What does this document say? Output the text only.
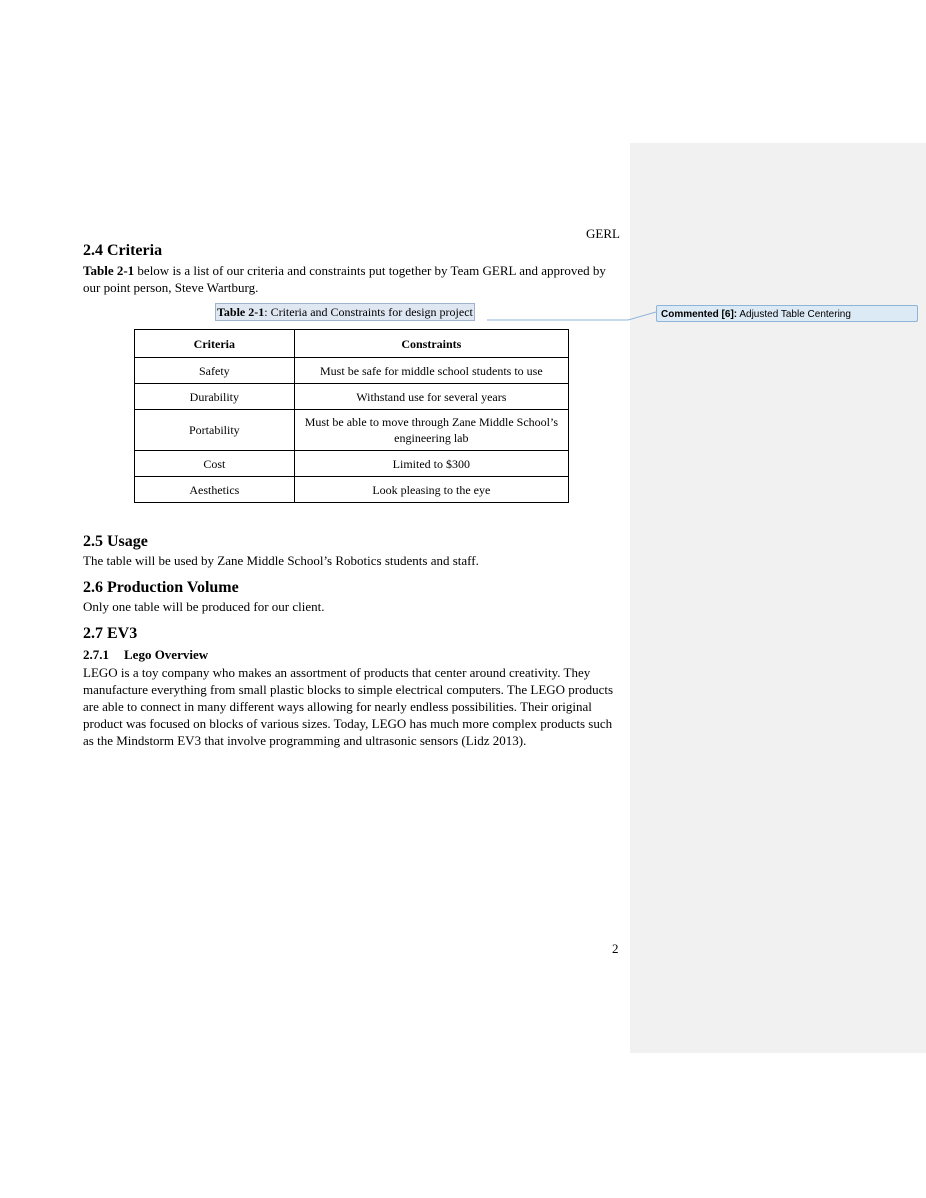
GERL
2.4 Criteria

Table 2-1 below is a list of our criteria and constraints put together by Team GERL and approved by our point person, Steve Wartburg.

Table 2-1: Criteria and Constraints for design project
Criteria	Constraints
Safety	Must be safe for middle school students to use
Durability	Withstand use for several years
Portability	Must be able to move through Zane Middle School’s engineering lab
Cost	Limited to $300
Aesthetics	Look pleasing to the eye
2.5 Usage

The table will be used by Zane Middle School’s Robotics students and staff.

2.6 Production Volume

Only one table will be produced for our client.

2.7 EV3
2.7.1 Lego Overview

LEGO is a toy company who makes an assortment of products that center around creativity. They manufacture everything from small plastic blocks to simple electrical computers. The LEGO products are able to connect in many different ways allowing for nearly endless possibilities. Their original product was focused on blocks of various sizes. Today, LEGO has much more complex products such as the Mindstorm EV3 that involve programming and ultrasonic sensors (Lidz 2013).

2
Commented [6]: Adjusted Table Centering
